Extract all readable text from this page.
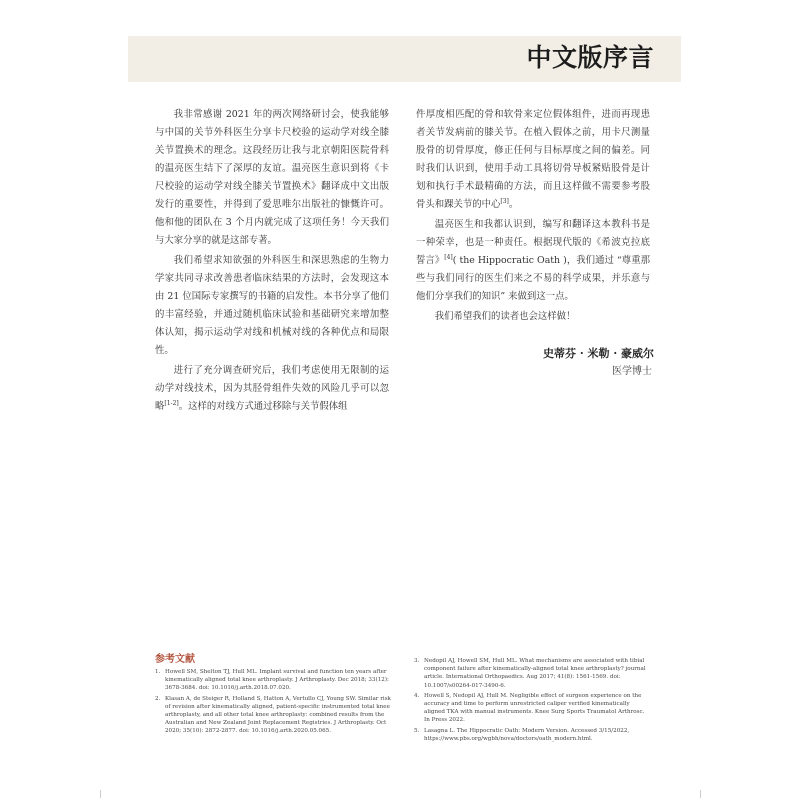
中文版序言

我非常感谢 2021 年的两次网络研讨会，使我能够与中国的关节外科医生分享卡尺校验的运动学对线全膝关节置换术的理念。这段经历让我与北京朝阳医院骨科的温亮医生结下了深厚的友谊。温亮医生意识到将《卡尺校验的运动学对线全膝关节置换术》翻译成中文出版发行的重要性，并得到了爱思唯尔出版社的慷慨许可。他和他的团队在 3 个月内就完成了这项任务！今天我们与大家分享的就是这部专著。

我们希望求知欲强的外科医生和深思熟虑的生物力学家共同寻求改善患者临床结果的方法时，会发现这本由 21 位国际专家撰写的书籍的启发性。本书分享了他们的丰富经验，并通过随机临床试验和基础研究来增加整体认知，揭示运动学对线和机械对线的各种优点和局限性。

进行了充分调查研究后，我们考虑使用无限制的运动学对线技术，因为其胫骨组件失效的风险几乎可以忽略[1-2]。这样的对线方式通过移除与关节假体组

件厚度相匹配的骨和软骨来定位假体组件，进而再现患者关节发病前的膝关节。在植入假体之前，用卡尺测量股骨的切骨厚度，修正任何与目标厚度之间的偏差。同时我们认识到，使用手动工具将切骨导板紧贴股骨是计划和执行手术最精确的方法，而且这样做不需要参考股骨头和踝关节的中心[3]。

温亮医生和我都认识到，编写和翻译这本教科书是一种荣幸，也是一种责任。根据现代版的《希波克拉底誓言》[4]( the Hippocratic Oath )，我们通过 “尊重那些与我们同行的医生们来之不易的科学成果，并乐意与他们分享我们的知识” 来做到这一点。

我们希望我们的读者也会这样做！

史蒂芬 · 米勒 · 豪威尔
医学博士
参考文献
1. Howell SM, Shelton TJ, Hull ML. Implant survival and function ten years after kinematically aligned total knee arthroplasty. J Arthroplasty. Dec 2018; 33(12): 3678-3684. doi: 10.1016/j.arth.2018.07.020.
2. Klasan A, de Steiger R, Holland S, Hatton A, Vertullo CJ, Young SW. Similar risk of revision after kinematically aligned, patient-specific instrumented total knee arthroplasty, and all other total knee arthroplasty: combined results from the Australian and New Zealand Joint Replacement Registries. J Arthroplasty. Oct 2020; 35(10): 2872-2877. doi: 10.1016/j.arth.2020.05.065.
3. Nedopil AJ, Howell SM, Hull ML. What mechanisms are associated with tibial component failure after kinematically-aligned total knee arthroplasty? journal article. International Orthopaedics. Aug 2017; 41(8): 1561-1569. doi: 10.1007/s00264-017-3490-6.
4. Howell S, Nedopil AJ, Hull M. Negligible effect of surgeon experience on the accuracy and time to perform unrestricted caliper verified kinematically aligned TKA with manual instruments. Knee Surg Sports Traumatol Arthrosc. In Press 2022.
5. Lasagna L. The Hippocratic Oath: Modern Version. Accessed 3/15/2022, https://www.pbs.org/wgbh/nova/doctors/oath_modern.html.
